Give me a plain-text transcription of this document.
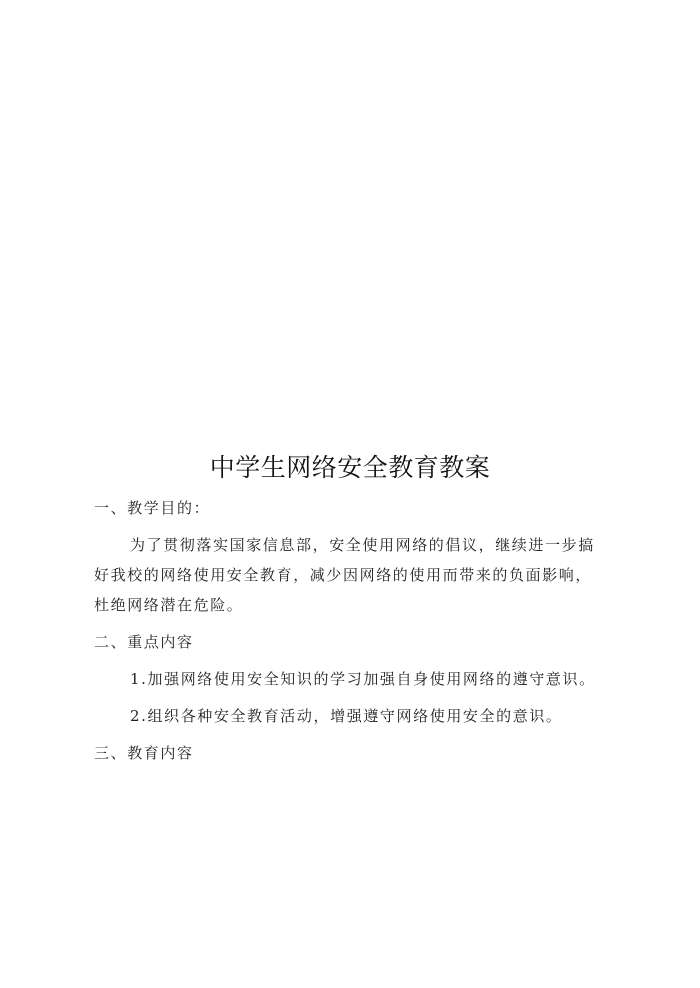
中学生网络安全教育教案

一、教学目的：

为了贯彻落实国家信息部，安全使用网络的倡议，继续进一步搞好我校的网络使用安全教育，减少因网络的使用而带来的负面影响，杜绝网络潜在危险。

二、重点内容

1.加强网络使用安全知识的学习加强自身使用网络的遵守意识。

2.组织各种安全教育活动，增强遵守网络使用安全的意识。

三、教育内容
